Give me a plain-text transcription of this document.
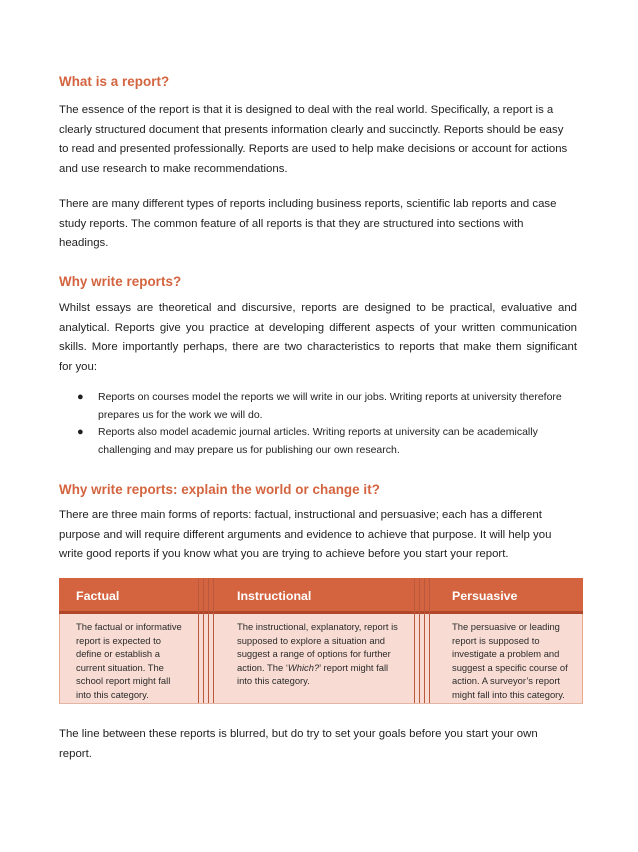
What is a report?

The essence of the report is that it is designed to deal with the real world. Specifically, a report is a
clearly structured document that presents information clearly and succinctly. Reports should be easy
to read and presented professionally. Reports are used to help make decisions or account for actions
and use research to make recommendations.

There are many different types of reports including business reports, scientific lab reports and case
study reports. The common feature of all reports is that they are structured into sections with
headings.

Why write reports?

Whilst essays are theoretical and discursive, reports are designed to be practical, evaluative and
analytical. Reports give you practice at developing different aspects of your written communication
skills. More importantly perhaps, there are two characteristics to reports that make them significant
for you:

● Reports on courses model the reports we will write in our jobs. Writing reports at university therefore
prepares us for the work we will do.
● Reports also model academic journal articles. Writing reports at university can be academically
challenging and may prepare us for publishing our own research.
Why write reports: explain the world or change it?

There are three main forms of reports: factual, instructional and persuasive; each has a different
purpose and will require different arguments and evidence to achieve that purpose. It will help you
write good reports if you know what you are trying to achieve before you start your report.

Factual	Instructional	Persuasive
The factual or informative
report is expected to
define or establish a
current situation. The
school report might fall
into this category.
The instructional, explanatory, report is
supposed to explore a situation and
suggest a range of options for further
action. The ‘Which?’ report might fall
into this category.
The persuasive or leading
report is supposed to
investigate a problem and
suggest a specific course of
action. A surveyor’s report
might fall into this category.

The line between these reports is blurred, but do try to set your goals before you start your own
report.
